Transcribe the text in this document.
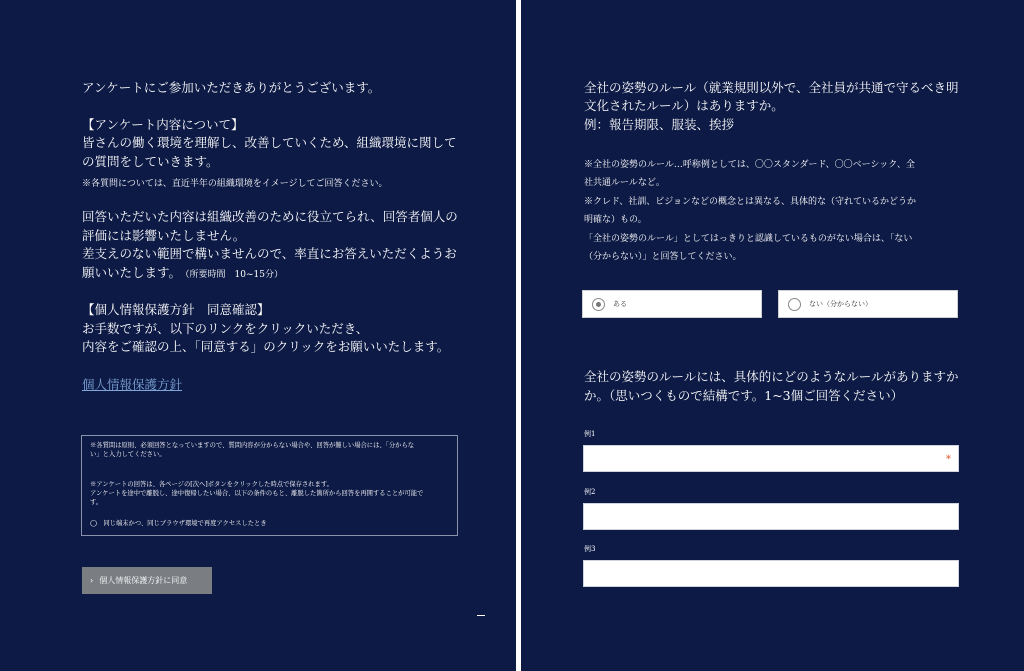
アンケートにご参加いただきありがとうございます。
【アンケート内容について】
皆さんの働く環境を理解し、改善していくため、組織環境に関して
の質問をしていきます。
※各質問については、直近半年の組織環境をイメージしてご回答ください。
回答いただいた内容は組織改善のために役立てられ、回答者個人の
評価には影響いたしません。
差支えのない範囲で構いませんので、率直にお答えいただくようお
願いいたします。 （所要時間　10~15分）
【個人情報保護方針　同意確認】
お手数ですが、以下のリンクをクリックいただき、
内容をご確認の上、「同意する」のクリックをお願いいたします。
個人情報保護方針
※各質問は原則、必須回答となっていますので、質問内容が分からない場合や、回答が難しい場合には、「分からな
い」と入力してください。
※アンケートの回答は、各ページの[次へ]ボタンをクリックした時点で保存されます。
アンケートを途中で離脱し、途中復帰したい場合、以下の条件のもと、離脱した箇所から回答を再開することが可能で
す。
◯　同じ端末かつ、同じブラウザ環境で再度アクセスしたとき
› 個人情報保護方針に同意
全社の姿勢のルール（就業規則以外で、全社員が共通で守るべき明
文化されたルール）はありますか。
例：報告期限、服装、挨拶
※全社の姿勢のルール…呼称例としては、〇〇スタンダード、〇〇ベーシック、全
社共通ルールなど。
※クレド、社訓、ビジョンなどの概念とは異なる、具体的な（守れているかどうか
明確な）もの。
「全社の姿勢のルール」としてはっきりと認識しているものがない場合は、「ない
（分からない）」と回答してください。
ある	ない（分からない）
全社の姿勢のルールには、具体的にどのようなルールがありますか
か。（思いつくもので結構です。1~3個ご回答ください）
例1
*
例2
例3
